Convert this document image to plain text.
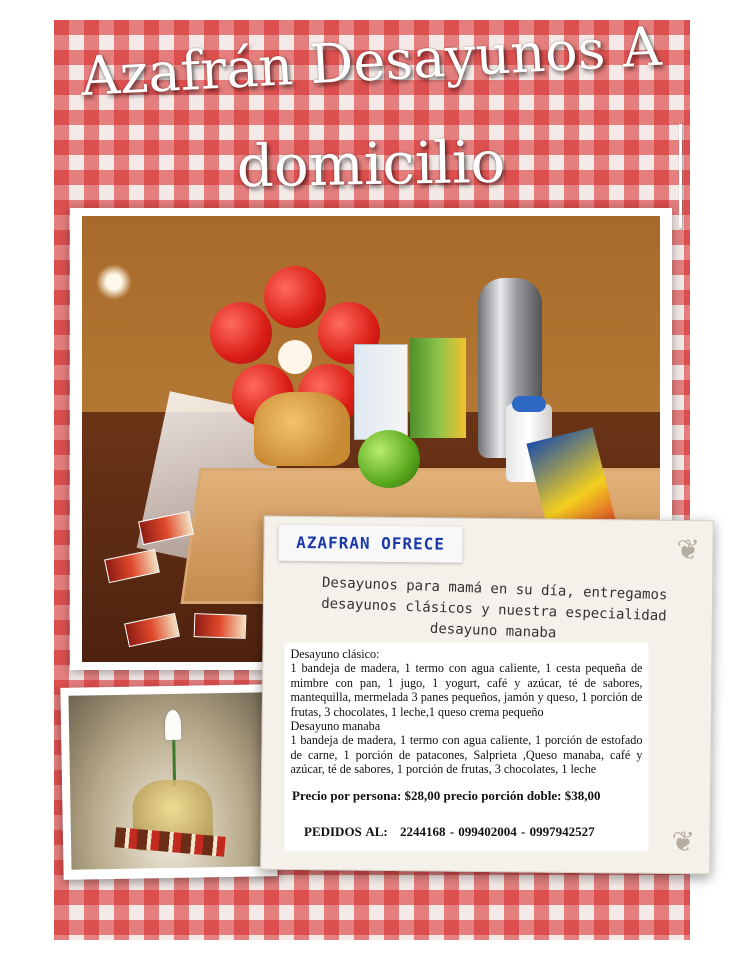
Azafrán Desayunos A
domicilio
AZAFRAN OFRECE	❦
❦
Desayunos para mamá en su día, entregamos desayunos clásicos y nuestra especialidad desayuno manaba

Desayuno clásico:

1 bandeja de madera, 1 termo con agua caliente, 1 cesta pequeña de mimbre con pan, 1 jugo, 1 yogurt, café y azúcar, té de sabores, mantequilla, mermelada 3 panes pequeños, jamón y queso, 1 porción de frutas, 3 chocolates, 1 leche,1 queso crema pequeño

Desayuno manaba

1 bandeja de madera, 1 termo con agua caliente, 1 porción de estofado de carne, 1 porción de patacones, Salprieta ,Queso manaba, café y azúcar, té de sabores, 1 porción de frutas, 3 chocolates, 1 leche

Precio por persona: $28,00 precio porción doble: $38,00
PEDIDOS AL: 2244168 - 099402004 - 0997942527
